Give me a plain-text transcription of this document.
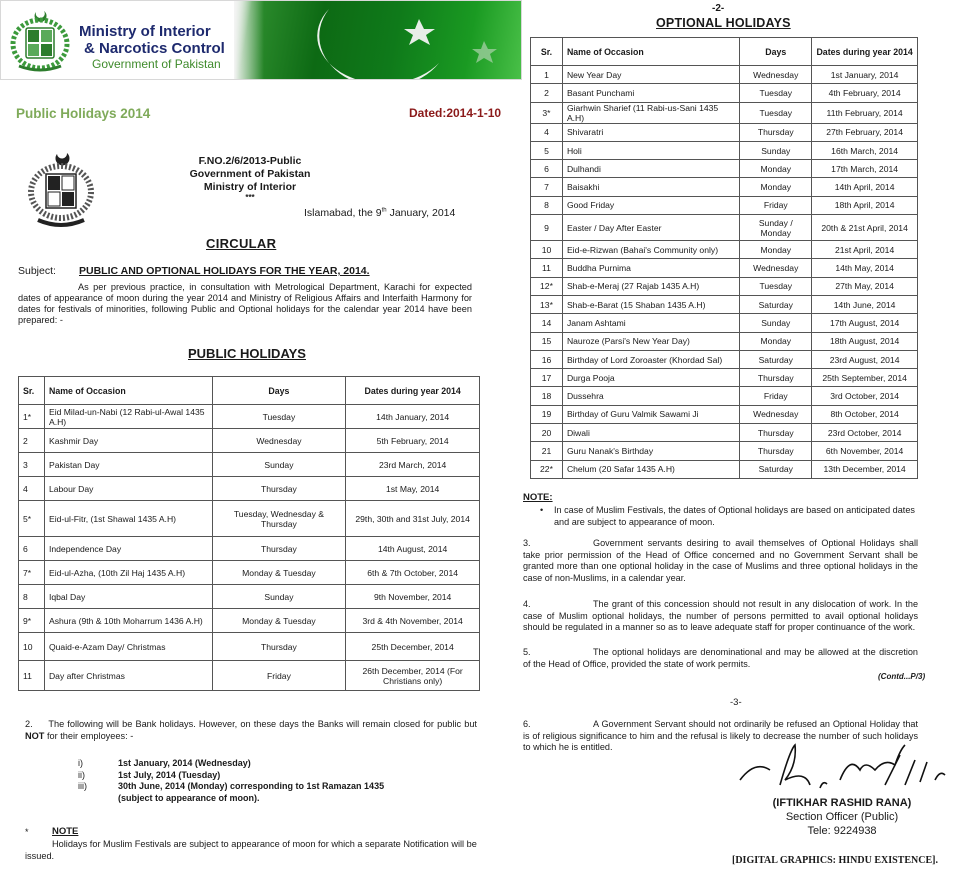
Ministry of Interior
& Narcotics Control
Government of Pakistan
Public Holidays 2014	Dated:2014-1-10
F.NO.2/6/2013-Public
Government of Pakistan
Ministry of Interior
***
Islamabad, the 9th January, 2014
CIRCULAR
Subject: PUBLIC AND OPTIONAL HOLIDAYS FOR THE YEAR, 2014.
As per previous practice, in consultation with Metrological Department, Karachi for expected dates of appearance of moon during the year 2014 and Ministry of Religious Affairs and Interfaith Harmony for dates for festivals of minorities, following Public and Optional holidays for the calendar year 2014 have been prepared: -
PUBLIC HOLIDAYS
Sr.	Name of Occasion	Days	Dates during year 2014
1*	Eid Milad-un-Nabi (12 Rabi-ul-Awal 1435 A.H)	Tuesday	14th January, 2014
2	Kashmir Day	Wednesday	5th February, 2014
3	Pakistan Day	Sunday	23rd March, 2014
4	Labour Day	Thursday	1st May, 2014
5*	Eid-ul-Fitr, (1st Shawal 1435 A.H)	Tuesday, Wednesday & Thursday	29th, 30th and 31st July, 2014
6	Independence Day	Thursday	14th August, 2014
7*	Eid-ul-Azha, (10th Zil Haj 1435 A.H)	Monday & Tuesday	6th & 7th October, 2014
8	Iqbal Day	Sunday	9th November, 2014
9*	Ashura (9th & 10th Moharrum 1436 A.H)	Monday & Tuesday	3rd & 4th November, 2014
10	Quaid-e-Azam Day/ Christmas	Thursday	25th December, 2014
11	Day after Christmas	Friday	26th December, 2014 (For Christians only)
2. The following will be Bank holidays. However, on these days the Banks will remain closed for public but NOT for their employees: -
i)	1st January, 2014 (Wednesday)
ii)	1st July, 2014 (Tuesday)
iii)	30th June, 2014 (Monday) corresponding to 1st Ramazan 1435
(subject to appearance of moon).
* NOTE
Holidays for Muslim Festivals are subject to appearance of moon for which a separate Notification will be issued.
-2-
OPTIONAL HOLIDAYS
Sr.	Name of Occasion	Days	Dates during year 2014
1	New Year Day	Wednesday	1st January, 2014
2	Basant Punchami	Tuesday	4th February, 2014
3*	Giarhwin Sharief (11 Rabi-us-Sani 1435 A.H)	Tuesday	11th February, 2014
4	Shivaratri	Thursday	27th February, 2014
5	Holi	Sunday	16th March, 2014
6	Dulhandi	Monday	17th March, 2014
7	Baisakhi	Monday	14th April, 2014
8	Good Friday	Friday	18th April, 2014
9	Easter / Day After Easter	Sunday / Monday	20th & 21st April, 2014
10	Eid-e-Rizwan (Bahai's Community only)	Monday	21st April, 2014
11	Buddha Purnima	Wednesday	14th May, 2014
12*	Shab-e-Meraj (27 Rajab 1435 A.H)	Tuesday	27th May, 2014
13*	Shab-e-Barat (15 Shaban 1435 A.H)	Saturday	14th June, 2014
14	Janam Ashtami	Sunday	17th August, 2014
15	Nauroze (Parsi's New Year Day)	Monday	18th August, 2014
16	Birthday of Lord Zoroaster (Khordad Sal)	Saturday	23rd August, 2014
17	Durga Pooja	Thursday	25th September, 2014
18	Dussehra	Friday	3rd October, 2014
19	Birthday of Guru Valmik Sawami Ji	Wednesday	8th October, 2014
20	Diwali	Thursday	23rd October, 2014
21	Guru Nanak's Birthday	Thursday	6th November, 2014
22*	Chelum (20 Safar 1435 A.H)	Saturday	13th December, 2014
NOTE:
• In case of Muslim Festivals, the dates of Optional holidays are based on anticipated dates and are subject to appearance of moon.
3.	Government servants desiring to avail themselves of Optional Holidays shall take prior permission of the Head of Office concerned and no Government Servant shall be granted more than one optional holiday in the case of Muslims and three optional holidays in the case of non-Muslims, in a calendar year.
4.	The grant of this concession should not result in any dislocation of work. In the case of Muslim optional holidays, the number of persons permitted to avail optional holidays should be regulated in a manner so as to leave adequate staff for proper continuance of the work.
5.	The optional holidays are denominational and may be allowed at the discretion of the Head of Office, provided the state of work permits.
(Contd...P/3)
-3-
6.	A Government Servant should not ordinarily be refused an Optional Holiday that is of religious significance to him and the refusal is likely to decrease the number of such holidays to which he is entitled.
(IFTIKHAR RASHID RANA)
Section Officer (Public)
Tele: 9224938
[DIGITAL GRAPHICS: HINDU EXISTENCE].
